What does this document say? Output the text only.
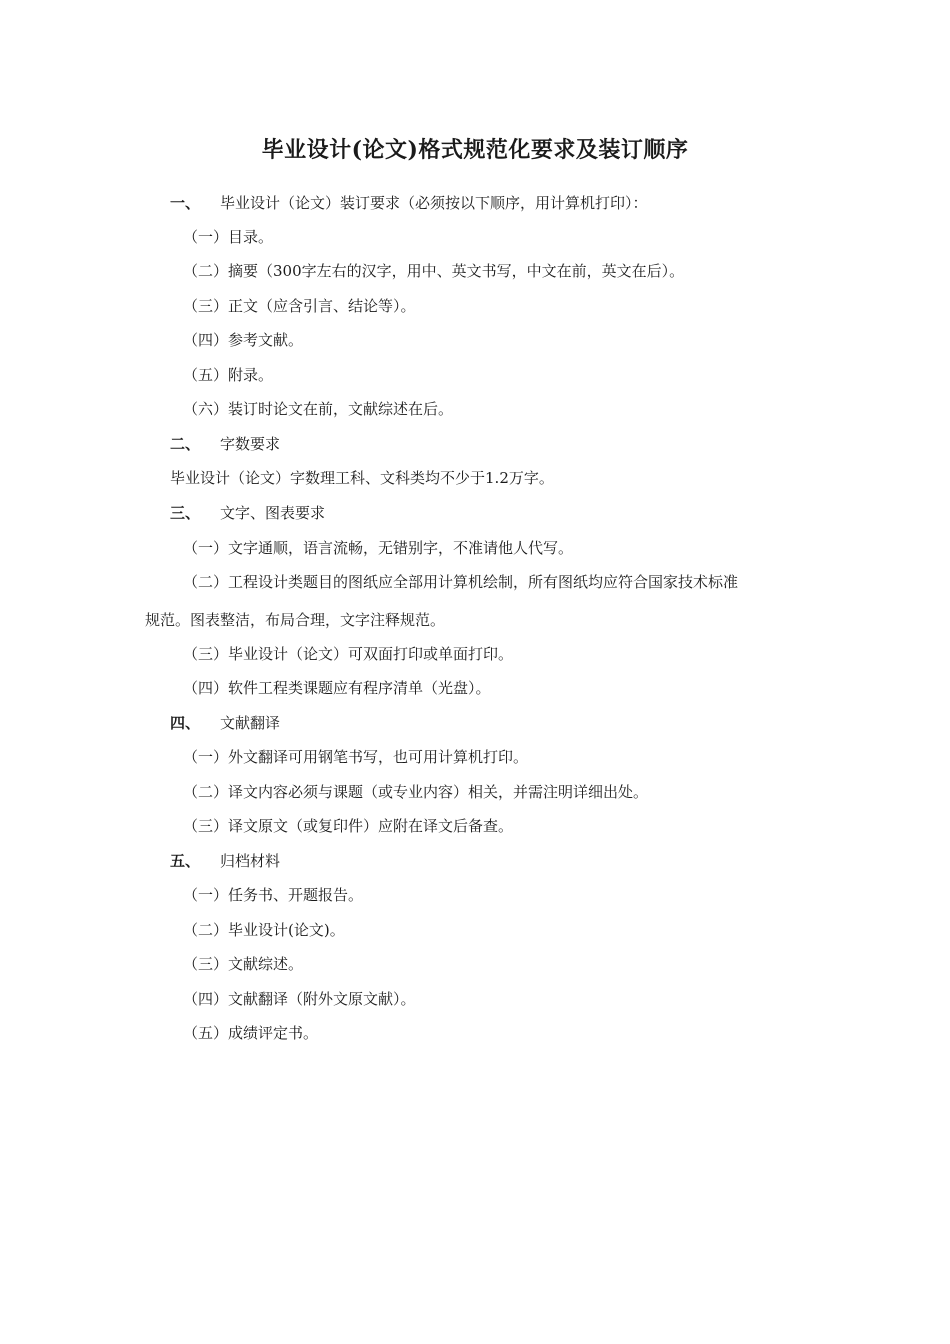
毕业设计(论文)格式规范化要求及装订顺序
一、 毕业设计（论文）装订要求（必须按以下顺序，用计算机打印）：
（一）目录。
（二）摘要（300字左右的汉字，用中、英文书写，中文在前，英文在后）。
（三）正文（应含引言、结论等）。
（四）参考文献。
（五）附录。
（六）装订时论文在前，文献综述在后。
二、 字数要求
毕业设计（论文）字数理工科、文科类均不少于1.2万字。
三、 文字、图表要求
（一）文字通顺，语言流畅，无错别字，不准请他人代写。
（二）工程设计类题目的图纸应全部用计算机绘制，所有图纸均应符合国家技术标准
规范。图表整洁，布局合理，文字注释规范。
（三）毕业设计（论文）可双面打印或单面打印。
（四）软件工程类课题应有程序清单（光盘）。
四、 文献翻译
（一）外文翻译可用钢笔书写，也可用计算机打印。
（二）译文内容必须与课题（或专业内容）相关，并需注明详细出处。
（三）译文原文（或复印件）应附在译文后备查。
五、 归档材料
（一）任务书、开题报告。
（二）毕业设计(论文)。
（三）文献综述。
（四）文献翻译（附外文原文献）。
（五）成绩评定书。
